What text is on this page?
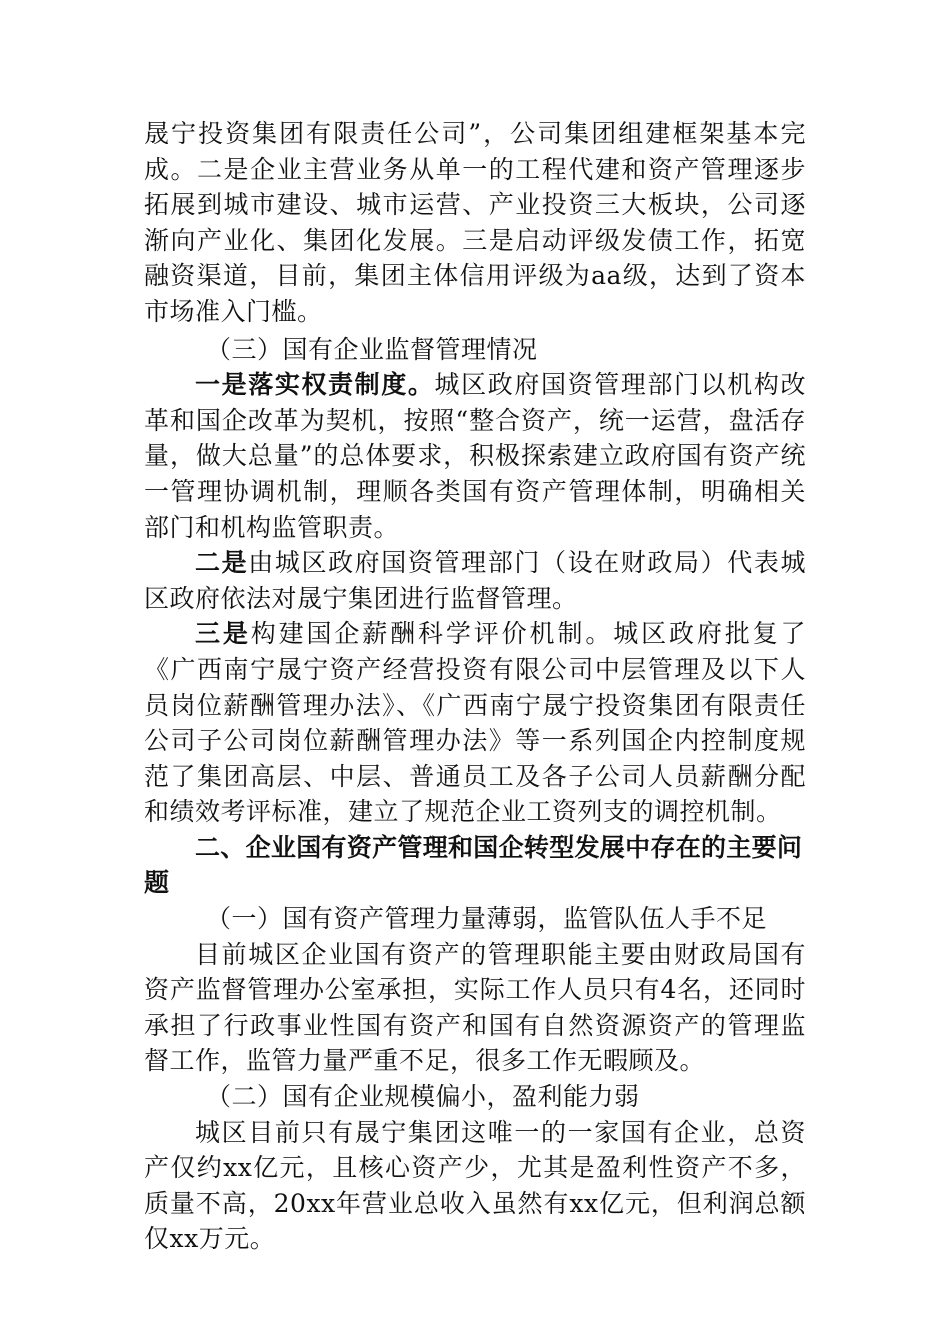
晟宁投资集团有限责任公司”，公司集团组建框架基本完成。二是企业主营业务从单一的工程代建和资产管理逐步拓展到城市建设、城市运营、产业投资三大板块，公司逐渐向产业化、集团化发展。三是启动评级发债工作，拓宽融资渠道，目前，集团主体信用评级为aa级，达到了资本市场准入门槛。

（三）国有企业监督管理情况

一是落实权责制度。城区政府国资管理部门以机构改革和国企改革为契机，按照“整合资产，统一运营，盘活存量，做大总量”的总体要求，积极探索建立政府国有资产统一管理协调机制，理顺各类国有资产管理体制，明确相关部门和机构监管职责。

二是由城区政府国资管理部门（设在财政局）代表城区政府依法对晟宁集团进行监督管理。

三是构建国企薪酬科学评价机制。城区政府批复了《广西南宁晟宁资产经营投资有限公司中层管理及以下人员岗位薪酬管理办法》、《广西南宁晟宁投资集团有限责任公司子公司岗位薪酬管理办法》等一系列国企内控制度规范了集团高层、中层、普通员工及各子公司人员薪酬分配和绩效考评标准，建立了规范企业工资列支的调控机制。

二、企业国有资产管理和国企转型发展中存在的主要问题

（一）国有资产管理力量薄弱，监管队伍人手不足

目前城区企业国有资产的管理职能主要由财政局国有资产监督管理办公室承担，实际工作人员只有4名，还同时承担了行政事业性国有资产和国有自然资源资产的管理监督工作，监管力量严重不足，很多工作无暇顾及。

（二）国有企业规模偏小，盈利能力弱

城区目前只有晟宁集团这唯一的一家国有企业，总资产仅约xx亿元，且核心资产少，尤其是盈利性资产不多，质量不高，20xx年营业总收入虽然有xx亿元，但利润总额仅xx万元。
